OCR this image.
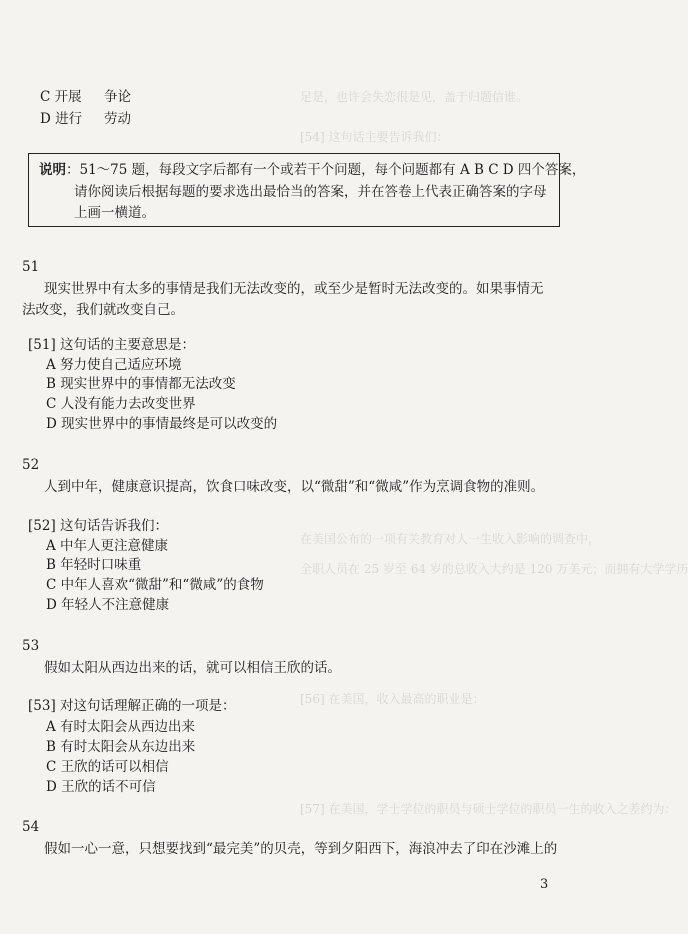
足是，也许会失恋很是见，盖于归题信谁。
[54] 这句话主要告诉我们：
在美国公布的一项有关教育对人一生收入影响的调查中，
全职人员在 25 岁至 64 岁的总收入大约是 120 万美元；而拥有大学学历
[56] 在美国，收入最高的职业是：
[57] 在美国，学士学位的职员与硕士学位的职员一生的收入之差约为：
C 开展 争论
D 进行 劳动
说明：51～75 题，每段文字后都有一个或若干个问题，每个问题都有 A B C D 四个答案，
请你阅读后根据每题的要求选出最恰当的答案，并在答卷上代表正确答案的字母
上画一横道。
51
现实世界中有太多的事情是我们无法改变的，或至少是暂时无法改变的。如果事情无
法改变，我们就改变自己。
[51] 这句话的主要意思是：
A 努力使自己适应环境
B 现实世界中的事情都无法改变
C 人没有能力去改变世界
D 现实世界中的事情最终是可以改变的
52
人到中年，健康意识提高，饮食口味改变，以“微甜”和“微咸”作为烹调食物的准则。
[52] 这句话告诉我们：
A 中年人更注意健康
B 年轻时口味重
C 中年人喜欢“微甜”和“微咸”的食物
D 年轻人不注意健康
53
假如太阳从西边出来的话，就可以相信王欣的话。
[53] 对这句话理解正确的一项是：
A 有时太阳会从西边出来
B 有时太阳会从东边出来
C 王欣的话可以相信
D 王欣的话不可信
54
假如一心一意，只想要找到“最完美”的贝壳，等到夕阳西下，海浪冲去了印在沙滩上的
3
